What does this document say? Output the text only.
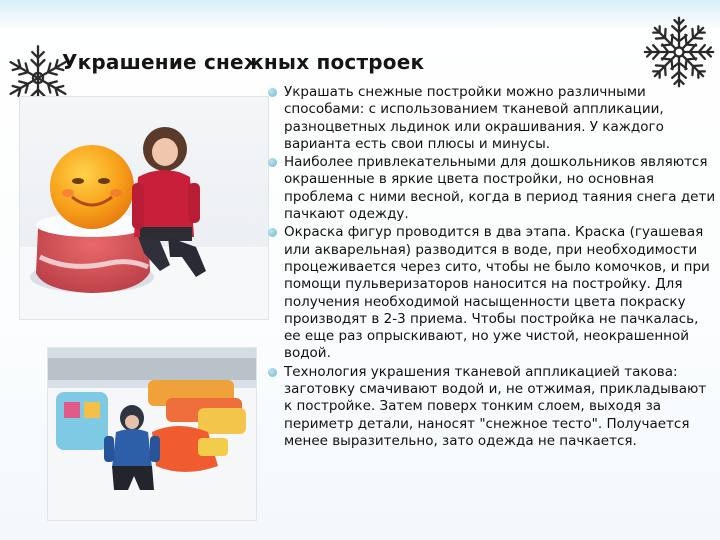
Украшение снежных построек
Украшать снежные постройки можно различными способами: с использованием тканевой аппликации, разноцветных льдинок или окрашивания. У каждого варианта есть свои плюсы и минусы.
Наиболее привлекательными для дошкольников являются окрашенные в яркие цвета постройки, но основная проблема с ними весной, когда в период таяния снега дети пачкают одежду.
Окраска фигур проводится в два этапа. Краска (гуашевая или акварельная) разводится в воде, при необходимости процеживается через сито, чтобы не было комочков, и при помощи пульверизаторов наносится на постройку. Для получения необходимой насыщенности цвета покраску производят в 2-3 приема. Чтобы постройка не пачкалась, ее еще раз опрыскивают, но уже чистой, неокрашенной водой.
Технология украшения тканевой аппликацией такова: заготовку смачивают водой и, не отжимая, прикладывают к постройке. Затем поверх тонким слоем, выходя за периметр детали, наносят "снежное тесто". Получается менее выразительно, зато одежда не пачкается.
